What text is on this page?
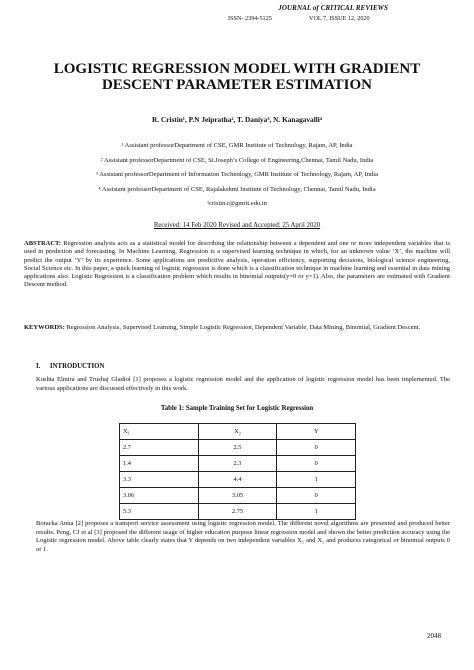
JOURNAL of CRITICAL REVIEWS
ISSN- 2394-5125	VOL 7, ISSUE 12, 2020
LOGISTIC REGRESSION MODEL WITH GRADIENT
DESCENT PARAMETER ESTIMATION
R. Cristin¹, P.N Jeipratha², T. Daniya³, N. Kanagavalli⁴
¹ Assistant professorDepartment of CSE, GMR Institute of Technology, Rajam, AP, India
² Assistant professorDepartment of CSE, St.Joseph’s College of Engineering,Chennai, Tamil Nadu, India
³ Assistant professorDepartment of Information Technology, GMR Institute of Technology, Rajam, AP, India
⁴ Assistant professorDepartment of CSE, Rajalakshmi Institute of Technology, Chennai, Tamil Nadu, India
¹cristin.r@gmrit.edu.in
Received: 14 Feb 2020 Revised and Accepted: 25 April 2020
ABSTRACT: Regression analysis acts as a statistical model for describing the relationship between a dependent and one or more independent variables that is used in prediction and forecasting. In Machine Learning, Regression is a supervised learning technique in which, for an unknown value ‘X’, the machine will predict the output ‘Y’ by its experience. Some applications are predictive analysis, operation efficiency, supporting decisions, biological science engineering, Social Science etc. In this paper, a quick learning of logistic regression is done which is a classification technique in machine learning and essential in data mining applications also. Logistic Regression is a classification problem which results in binomial outputs(y=0 or y=1). Also, the parameters are estimated with Gradient Descent method.
KEYWORDS: Regression Analysis, Supervised Learning, Simple Logistic Regression, Dependent Variable, Data Mining, Binomial, Gradient Descent.
I. INTRODUCTION
Kushta Elmira and Trushaj Gladiol [1] proposes a logistic regression model and the application of logistic regression model has been implemented. The various applications are discussed effectively in this work.
Table 1: Sample Training Set for Logistic Regression
X₁	X₂	Y
2.7	2.5	0
1.4	2.3	0
3.3	4.4	1
3.06	3.05	0
5.3	2.75	1
Boracka Anna [2] proposes a transport service assessment using logistic regression model. The different novel algorithms are presented and produced better results. Peng, CJ et al [3] proposed the different usage of higher education purpose linear regression model and shown the better prediction accuracy using the Logistic regression model. Above table clearly states that Y depends on two independent variables X₁ and X₂ and produces categorical or binomial outputs 0 or 1.
2048
